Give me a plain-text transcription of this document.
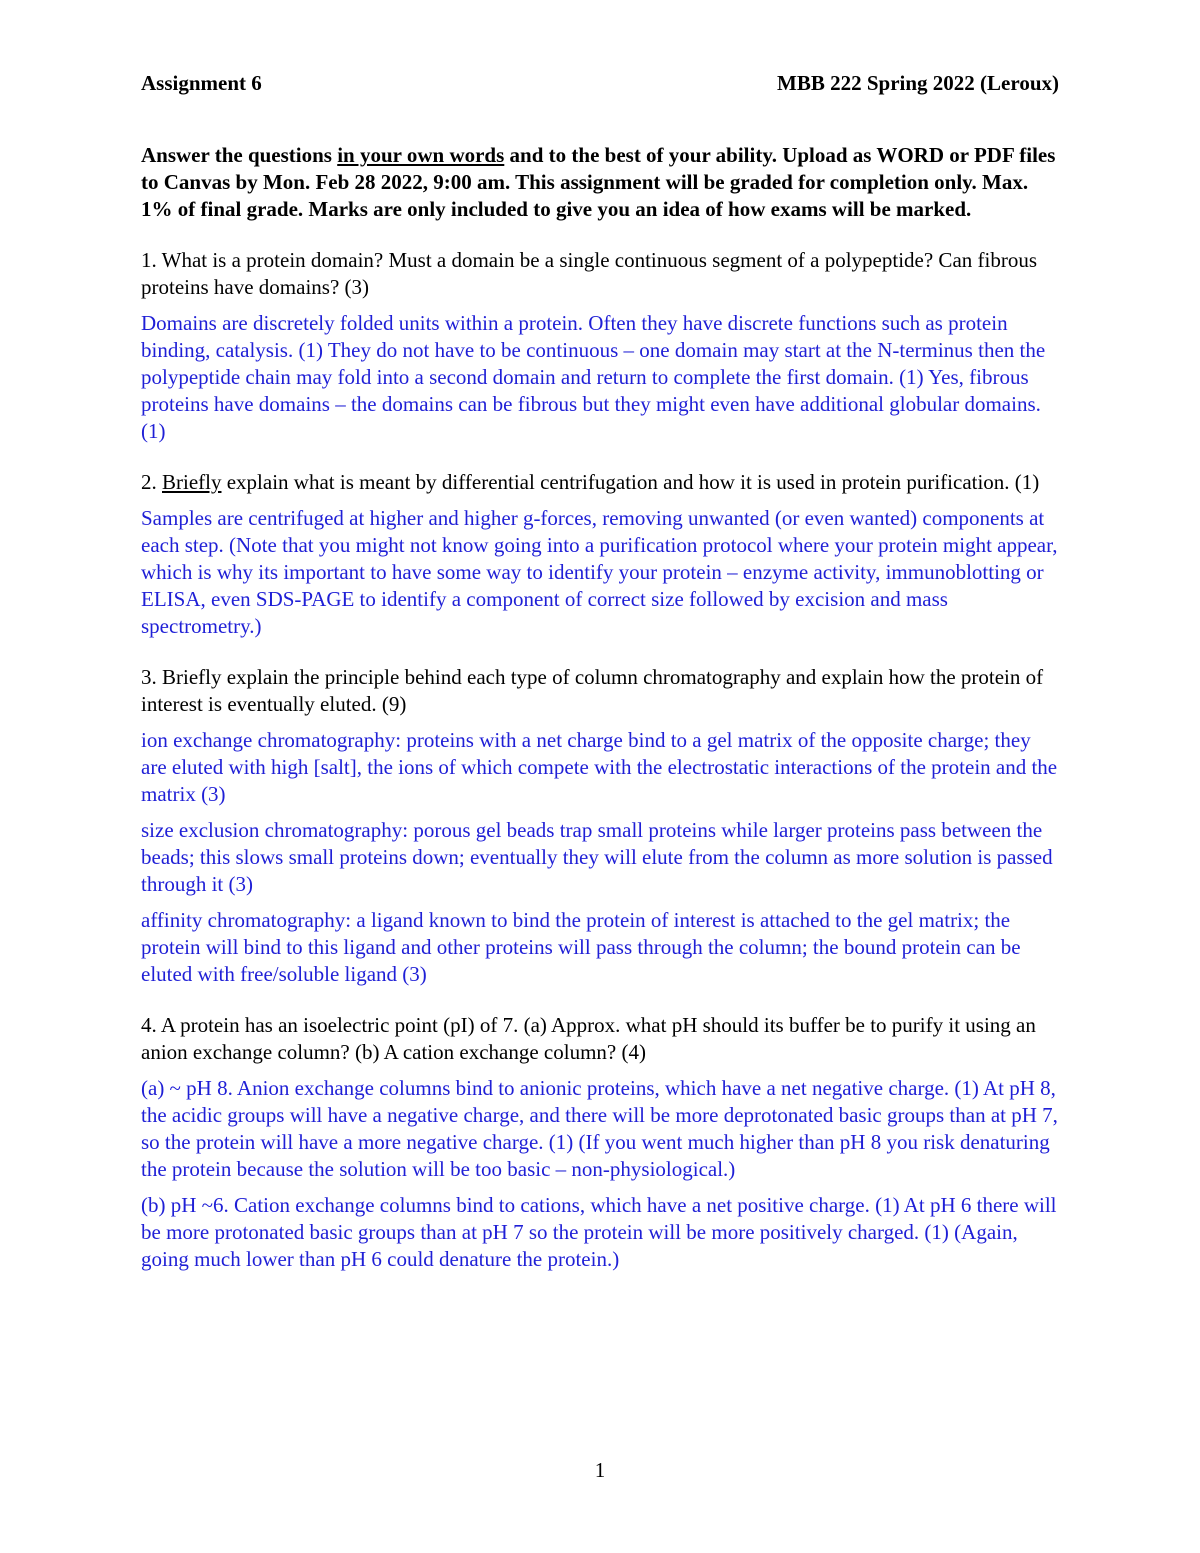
Assignment 6	MBB 222 Spring 2022 (Leroux)
Answer the questions in your own words and to the best of your ability. Upload as WORD or PDF files to Canvas by Mon. Feb 28 2022, 9:00 am. This assignment will be graded for completion only. Max. 1% of final grade. Marks are only included to give you an idea of how exams will be marked.
1. What is a protein domain? Must a domain be a single continuous segment of a polypeptide? Can fibrous proteins have domains? (3)
Domains are discretely folded units within a protein. Often they have discrete functions such as protein binding, catalysis. (1) They do not have to be continuous – one domain may start at the N-terminus then the polypeptide chain may fold into a second domain and return to complete the first domain. (1) Yes, fibrous proteins have domains – the domains can be fibrous but they might even have additional globular domains. (1)
2. Briefly explain what is meant by differential centrifugation and how it is used in protein purification. (1)
Samples are centrifuged at higher and higher g-forces, removing unwanted (or even wanted) components at each step. (Note that you might not know going into a purification protocol where your protein might appear, which is why its important to have some way to identify your protein – enzyme activity, immunoblotting or ELISA, even SDS-PAGE to identify a component of correct size followed by excision and mass spectrometry.)
3. Briefly explain the principle behind each type of column chromatography and explain how the protein of interest is eventually eluted. (9)
ion exchange chromatography: proteins with a net charge bind to a gel matrix of the opposite charge; they are eluted with high [salt], the ions of which compete with the electrostatic interactions of the protein and the matrix (3)
size exclusion chromatography: porous gel beads trap small proteins while larger proteins pass between the beads; this slows small proteins down; eventually they will elute from the column as more solution is passed through it (3)
affinity chromatography: a ligand known to bind the protein of interest is attached to the gel matrix; the protein will bind to this ligand and other proteins will pass through the column; the bound protein can be eluted with free/soluble ligand (3)
4. A protein has an isoelectric point (pI) of 7. (a) Approx. what pH should its buffer be to purify it using an anion exchange column? (b) A cation exchange column? (4)
(a) ~ pH 8. Anion exchange columns bind to anionic proteins, which have a net negative charge. (1) At pH 8, the acidic groups will have a negative charge, and there will be more deprotonated basic groups than at pH 7, so the protein will have a more negative charge. (1) (If you went much higher than pH 8 you risk denaturing the protein because the solution will be too basic – non-physiological.)
(b) pH ~6. Cation exchange columns bind to cations, which have a net positive charge. (1) At pH 6 there will be more protonated basic groups than at pH 7 so the protein will be more positively charged. (1) (Again, going much lower than pH 6 could denature the protein.)
1
